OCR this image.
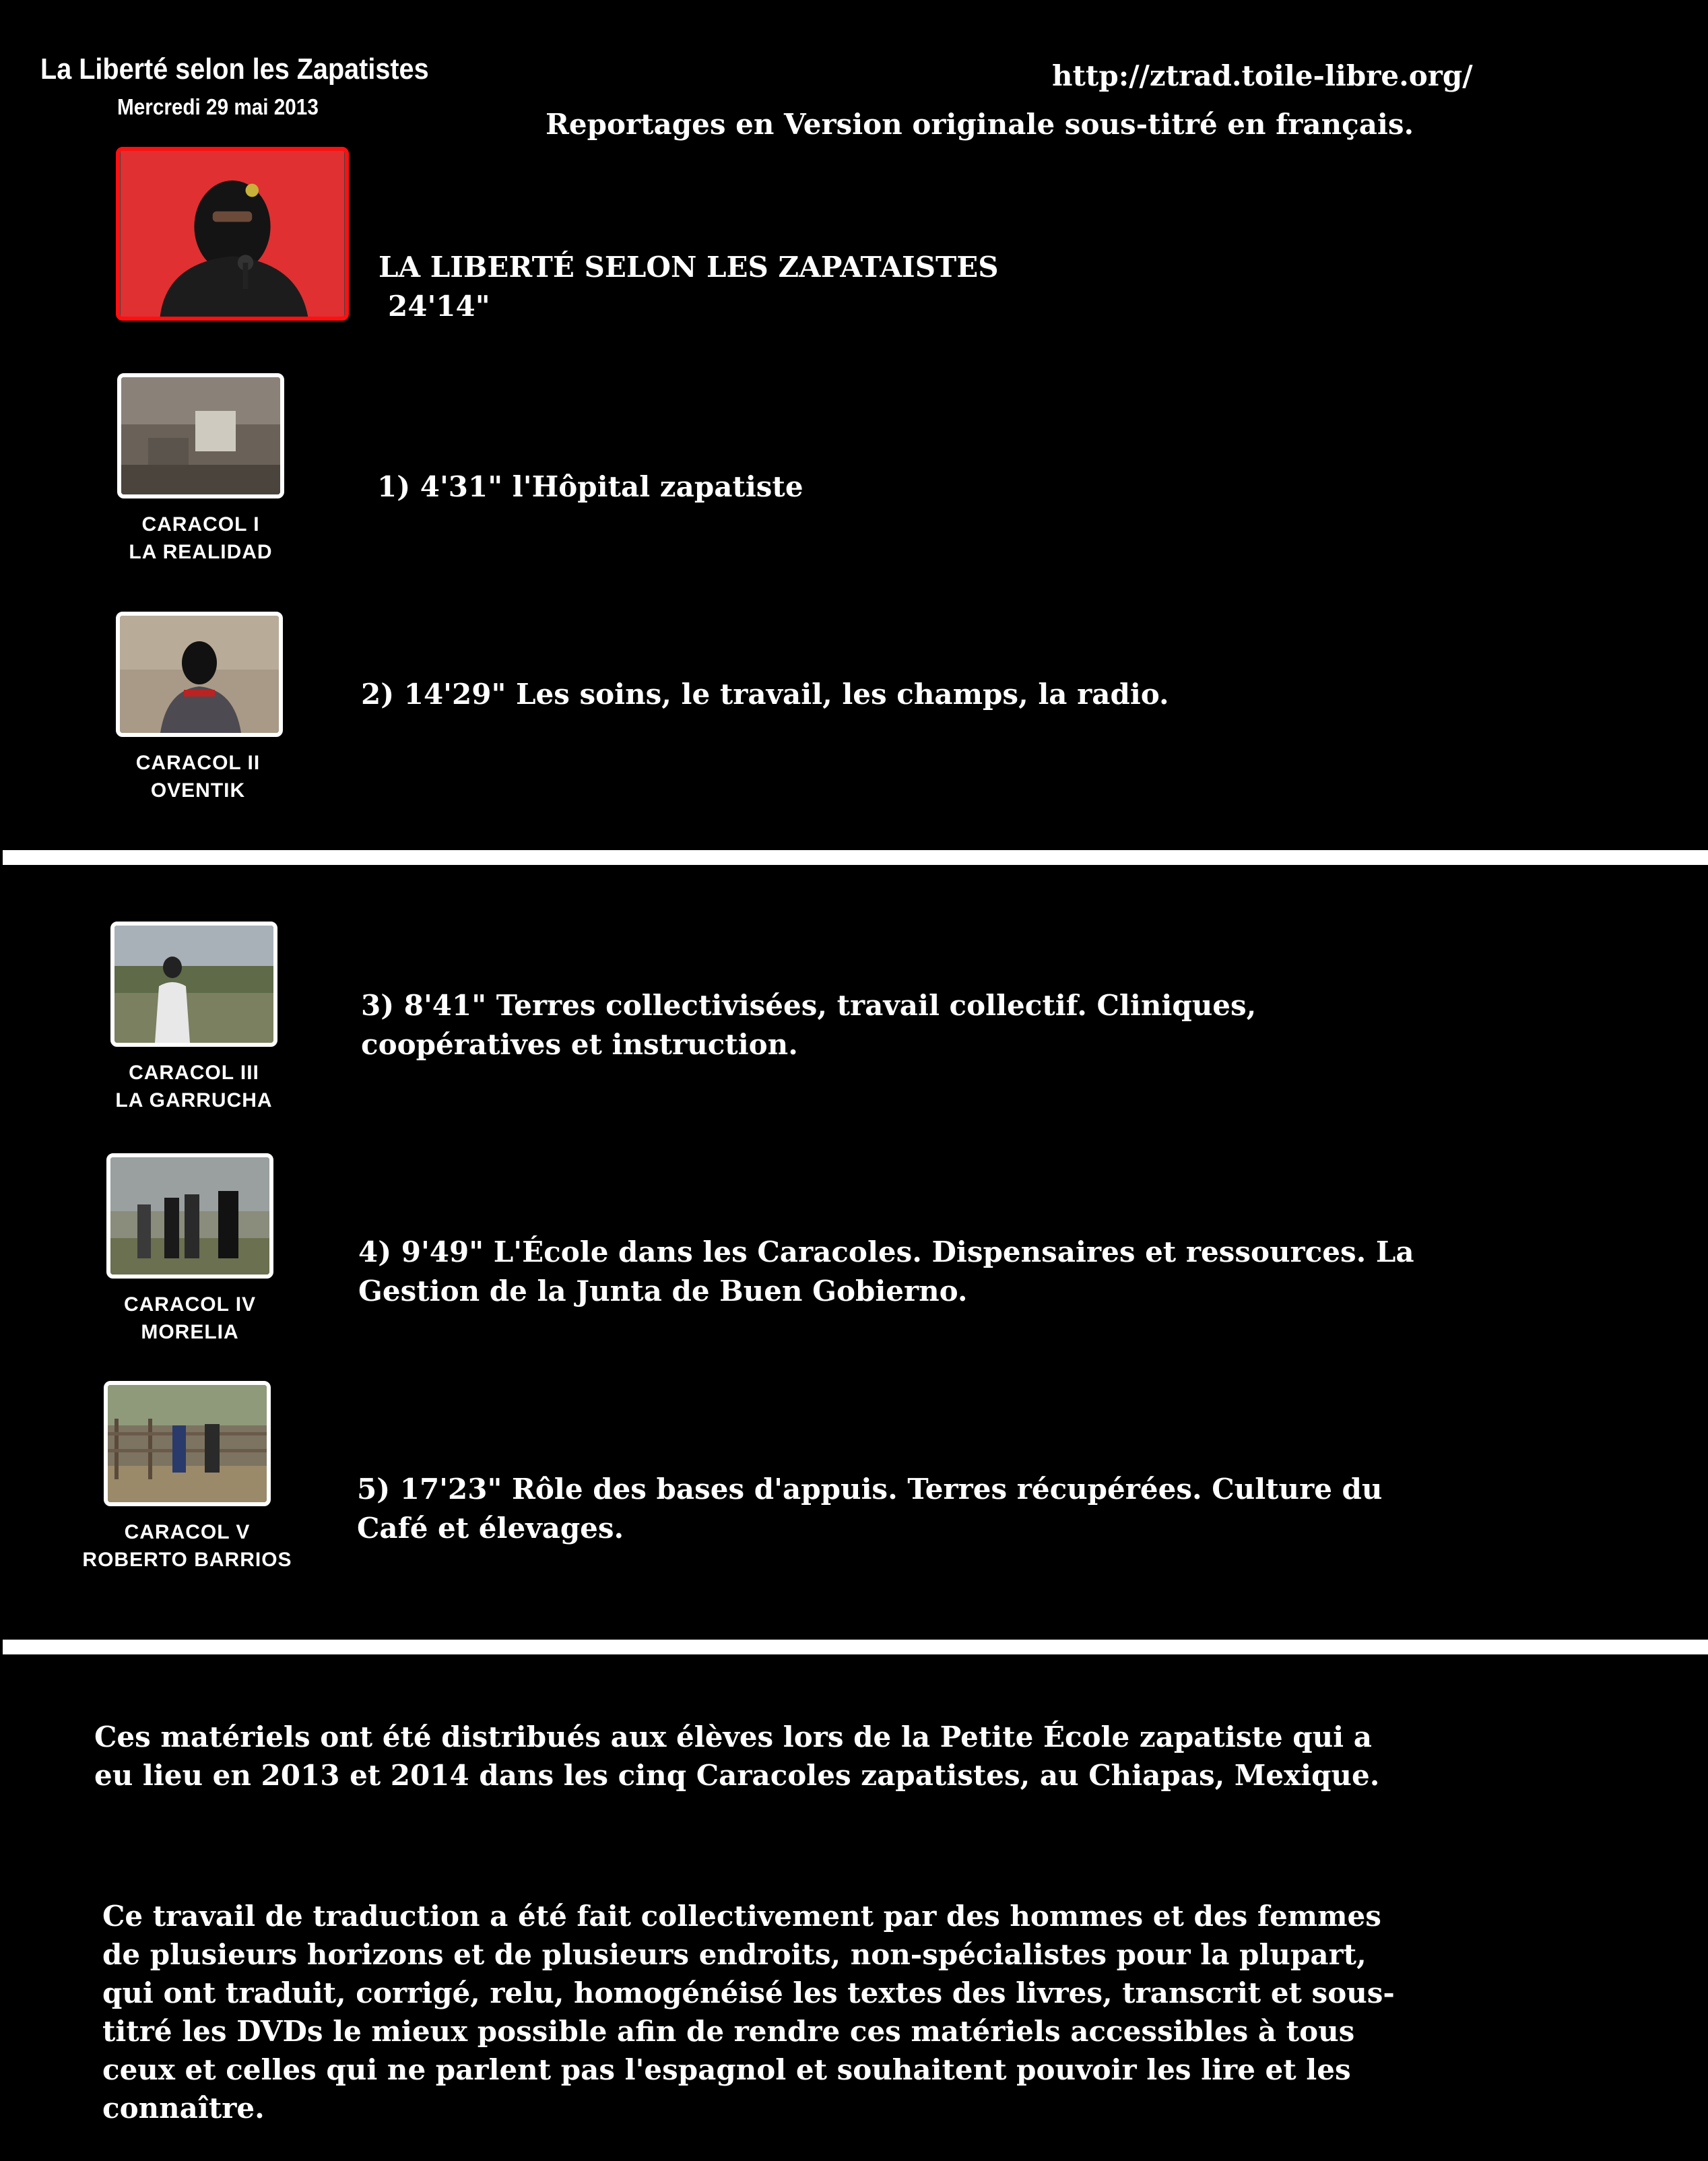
La Liberté selon les Zapatistes
Mercredi 29 mai 2013
http://ztrad.toile-libre.org/
Reportages en Version originale sous-titré en français.
LA LIBERTÉ SELON LES ZAPATAISTES
24'14"
CARACOL I
LA REALIDAD
1) 4'31" l'Hôpital zapatiste
CARACOL II
OVENTIK
2) 14'29" Les soins, le travail, les champs, la radio.
CARACOL III
LA GARRUCHA
3) 8'41" Terres collectivisées, travail collectif. Cliniques,
coopératives et instruction.
CARACOL IV
MORELIA
4) 9'49" L'École dans les Caracoles. Dispensaires et ressources. La
Gestion de la Junta de Buen Gobierno.
CARACOL V
ROBERTO BARRIOS
5) 17'23" Rôle des bases d'appuis. Terres récupérées. Culture du
Café et élevages.
Ces matériels ont été distribués aux élèves lors de la Petite École zapatiste qui a
eu lieu en 2013 et 2014 dans les cinq Caracoles zapatistes, au Chiapas, Mexique.
Ce travail de traduction a été fait collectivement par des hommes et des femmes
de plusieurs horizons et de plusieurs endroits, non-spécialistes pour la plupart,
qui ont traduit, corrigé, relu, homogénéisé les textes des livres, transcrit et sous-
titré les DVDs le mieux possible afin de rendre ces matériels accessibles à tous
ceux et celles qui ne parlent pas l'espagnol et souhaitent pouvoir les lire et les
connaître.
